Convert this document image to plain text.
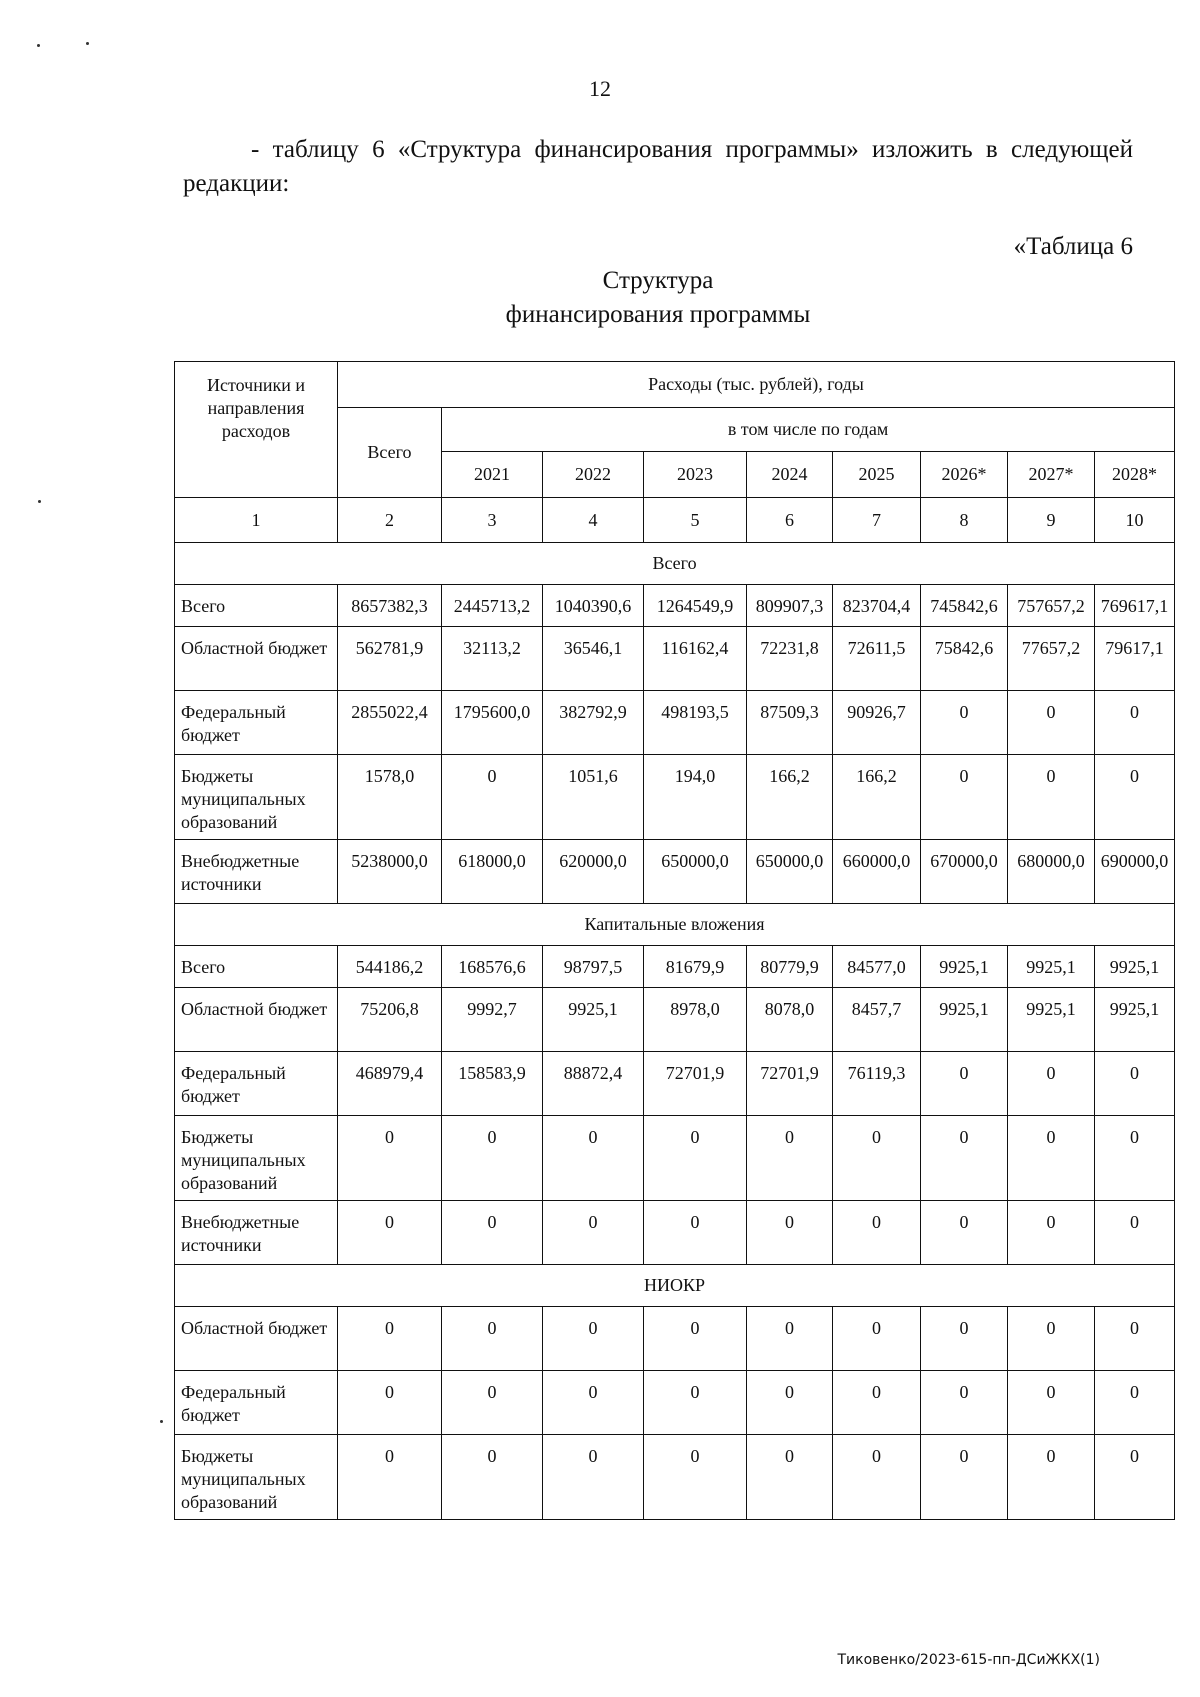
12
- таблицу 6 «Структура финансирования программы» изложить в следующей редакции:
«Таблица 6
Структура
финансирования программы
Источники и направления расходов	Расходы (тыс. рублей), годы								
	Всего	в том числе по годам							
		2021	2022	2023	2024	2025	2026*	2027*	2028*
1	2	3	4	5	6	7	8	9	10
Всего									
Всего	8657382,3	2445713,2	1040390,6	1264549,9	809907,3	823704,4	745842,6	757657,2	769617,1
Областной бюджет	562781,9	32113,2	36546,1	116162,4	72231,8	72611,5	75842,6	77657,2	79617,1
Федеральный бюджет	2855022,4	1795600,0	382792,9	498193,5	87509,3	90926,7	0	0	0
Бюджеты муниципальных образований	1578,0	0	1051,6	194,0	166,2	166,2	0	0	0
Внебюджетные источники	5238000,0	618000,0	620000,0	650000,0	650000,0	660000,0	670000,0	680000,0	690000,0
Капитальные вложения									
Всего	544186,2	168576,6	98797,5	81679,9	80779,9	84577,0	9925,1	9925,1	9925,1
Областной бюджет	75206,8	9992,7	9925,1	8978,0	8078,0	8457,7	9925,1	9925,1	9925,1
Федеральный бюджет	468979,4	158583,9	88872,4	72701,9	72701,9	76119,3	0	0	0
Бюджеты муниципальных образований	0	0	0	0	0	0	0	0	0
Внебюджетные источники	0	0	0	0	0	0	0	0	0
НИОКР									
Областной бюджет	0	0	0	0	0	0	0	0	0
Федеральный бюджет	0	0	0	0	0	0	0	0	0
Бюджеты муниципальных образований	0	0	0	0	0	0	0	0	0
Тиковенко/2023-615-пп-ДСиЖКХ(1)
